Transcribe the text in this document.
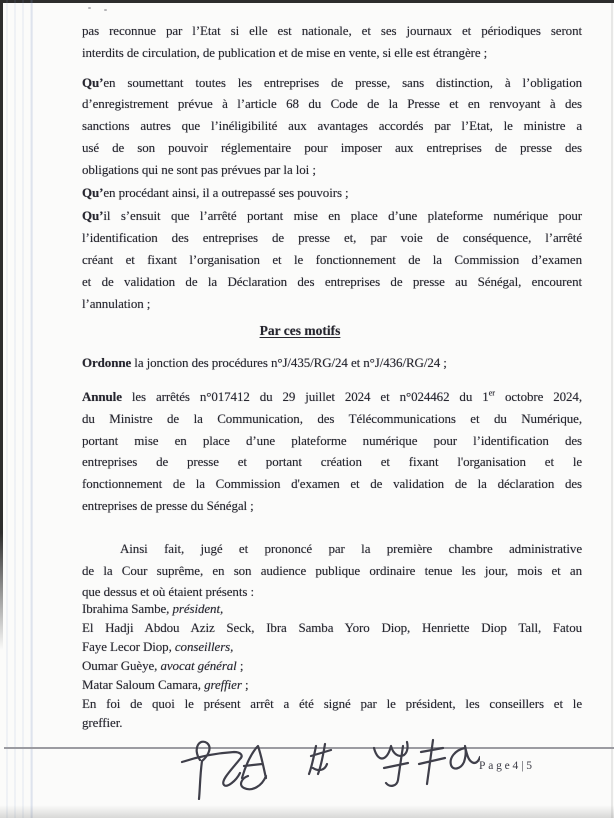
pas reconnue par l’Etat si elle est nationale, et ses journaux et périodiques seront
interdits de circulation, de publication et de mise en vente, si elle est étrangère ;
Qu’en soumettant toutes les entreprises de presse, sans distinction, à l’obligation
d’enregistrement prévue à l’article 68 du Code de la Presse et en renvoyant à des
sanctions autres que l’inéligibilité aux avantages accordés par l’Etat, le ministre a
usé de son pouvoir réglementaire pour imposer aux entreprises de presse des
obligations qui ne sont pas prévues par la loi ;
Qu’en procédant ainsi, il a outrepassé ses pouvoirs ;
Qu’il s’ensuit que l’arrêté portant mise en place d’une plateforme numérique pour
l’identification des entreprises de presse et, par voie de conséquence, l’arrêté
créant et fixant l’organisation et le fonctionnement de la Commission d’examen
et de validation de la Déclaration des entreprises de presse au Sénégal, encourent
l’annulation ;
Par ces motifs
Ordonne la jonction des procédures n°J/435/RG/24 et n°J/436/RG/24 ;
Annule les arrêtés n°017412 du 29 juillet 2024 et n°024462 du 1er octobre 2024,
du Ministre de la Communication, des Télécommunications et du Numérique,
portant mise en place d’une plateforme numérique pour l’identification des
entreprises de presse et portant création et fixant l'organisation et le
fonctionnement de la Commission d'examen et de validation de la déclaration des
entreprises de presse du Sénégal ;
Ainsi fait, jugé et prononcé par la première chambre administrative
de la Cour suprême, en son audience publique ordinaire tenue les jour, mois et an
que dessus et où étaient présents :
Ibrahima Sambe, président,
El Hadji Abdou Aziz Seck, Ibra Samba Yoro Diop, Henriette Diop Tall, Fatou
Faye Lecor Diop, conseillers,
Oumar Guèye, avocat général ;
Matar Saloum Camara, greffier ;
En foi de quoi le présent arrêt a été signé par le président, les conseillers et le
greffier.
Page4|5
